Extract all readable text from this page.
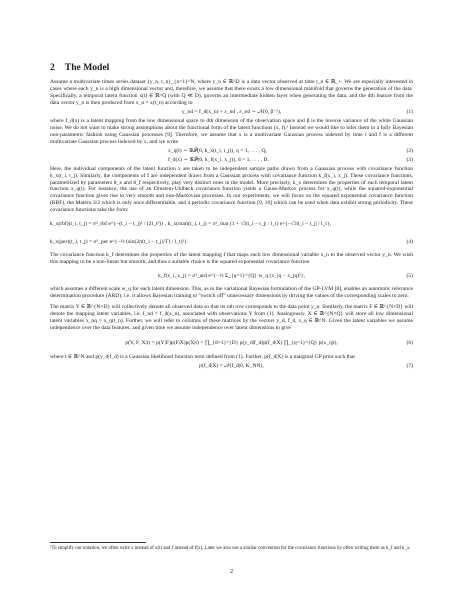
2 The Model

Assume a multivariate times series dataset {y_n, t_n}_{n=1}^N, where y_n ∈ ℝ^D is a data vector observed at time t_n ∈ ℝ_+. We are especially interested in cases where each y_n is a high dimensional vector and, therefore, we assume that there exists a low dimensional manifold that governs the generation of the data. Specifically, a temporal latent function x(t) ∈ ℝ^Q (with Q ≪ D), governs an intermediate hidden layer when generating the data, and the dth feature from the data vector y_n is then produced from x_n = x(t_n) according to

y_nd = f_d(x_n) + ε_nd , ε_nd ∼ 𝒩(0, β⁻¹),	(1)

where f_d(x) is a latent mapping from the low dimensional space to dth dimension of the observation space and β is the inverse variance of the white Gaussian noise. We do not want to make strong assumptions about the functional form of the latent functions (x, f).¹ Instead we would like to infer them in a fully Bayesian non-parametric fashion using Gaussian processes [9]. Therefore, we assume that x is a multivariate Gaussian process indexed by time t and f is a different multivariate Gaussian process indexed by x, and we write

x_q(t) ∼ 𝒢𝒫(0, k_x(t_i, t_j)), q = 1, . . . , Q,	(2)
f_d(x) ∼ 𝒢𝒫(0, k_f(x_i, x_j)), d = 1, . . . , D.	(3)

Here, the individual components of the latent function x are taken to be independent sample paths drawn from a Gaussian process with covariance function k_x(t_i, t_j). Similarly, the components of f are independent draws from a Gaussian process with covariance function k_f(x_i, x_j). These covariance functions, parametrized by parameters θ_x and θ_f respectively, play very distinct roles in the model. More precisely, k_x determines the properties of each temporal latent function x_q(t). For instance, the use of an Ornstein-Uhlbeck covariance function yields a Gauss-Markov process for x_q(t), while the squared-exponential covariance function gives rise to very smooth and non-Markovian processes. In our experiments, we will focus on the squared exponential covariance function (RBF), the Matérn 3/2 which is only once differentiable, and a periodic covariance function [9, 10] which can be used when data exhibit strong periodicity. These covariance functions take the form:

k_x(rbf)(t_i, t_j) = σ²_rbf e^{−(t_i − t_j)² / (2l_t²)} , k_x(mat)(t_i, t_j) = σ²_mat (1 + √3|t_i − t_j| / l_t) e^{−√3|t_i − t_j| / l_t},
k_x(per)(t_i, t_j) = σ²_per e^{−½ (sin(2π(t_i − t_j)/T) / l_t)²}.	(4)

The covariance function k_f determines the properties of the latent mapping f that maps each low dimensional variable x_n to the observed vector y_n. We wish this mapping to be a non-linear but smooth, and thus a suitable choice is the squared exponential covariance function

k_f(x_i, x_j) = σ²_ard e^{−½ Σ_{q=1}^{Q} w_q (x_iq − x_jq)²},	(5)

which assumes a different scale w_q for each latent dimension. This, as in the variational Bayesian formulation of the GP-LVM [8], enables an automatic relevance determination procedure (ARD), i.e. it allows Bayesian training to “switch off” unnecessary dimensions by driving the values of the corresponding scales to zero.

The matrix Y ∈ ℝ^{N×D} will collectively denote all observed data so that its nth row corresponds to the data point y_n. Similarly, the matrix F ∈ ℝ^{N×D} will denote the mapping latent variables, i.e. f_nd = f_d(x_n), associated with observations Y from (1). Analogously, X ∈ ℝ^{N×Q} will store all low dimensional latent variables x_nq = x_q(t_n). Further, we will refer to columns of these matrices by the vectors y_d, f_d, x_q ∈ ℝ^N. Given the latent variables we assume independence over the data features, and given time we assume independence over latent dimensions to give

p(Y, F, X|t) = p(Y|F)p(F|X)p(X|t) = ∏_{d=1}^{D} p(y_d|f_d)p(f_d|X) ∏_{q=1}^{Q} p(x_q|t),	(6)

where t ∈ ℝ^N and p(y_d|f_d) is a Gaussian likelihood function term defined from (1). Further, p(f_d|X) is a marginal GP prior such that

p(f_d|X) = 𝒩(f_d|0, K_NN),	(7)
¹To simplify our notation, we often write x instead of x(t) and f instead of f(x). Later we also use a similar convention for the covariance functions by often writing them as k_f and k_x.
2
